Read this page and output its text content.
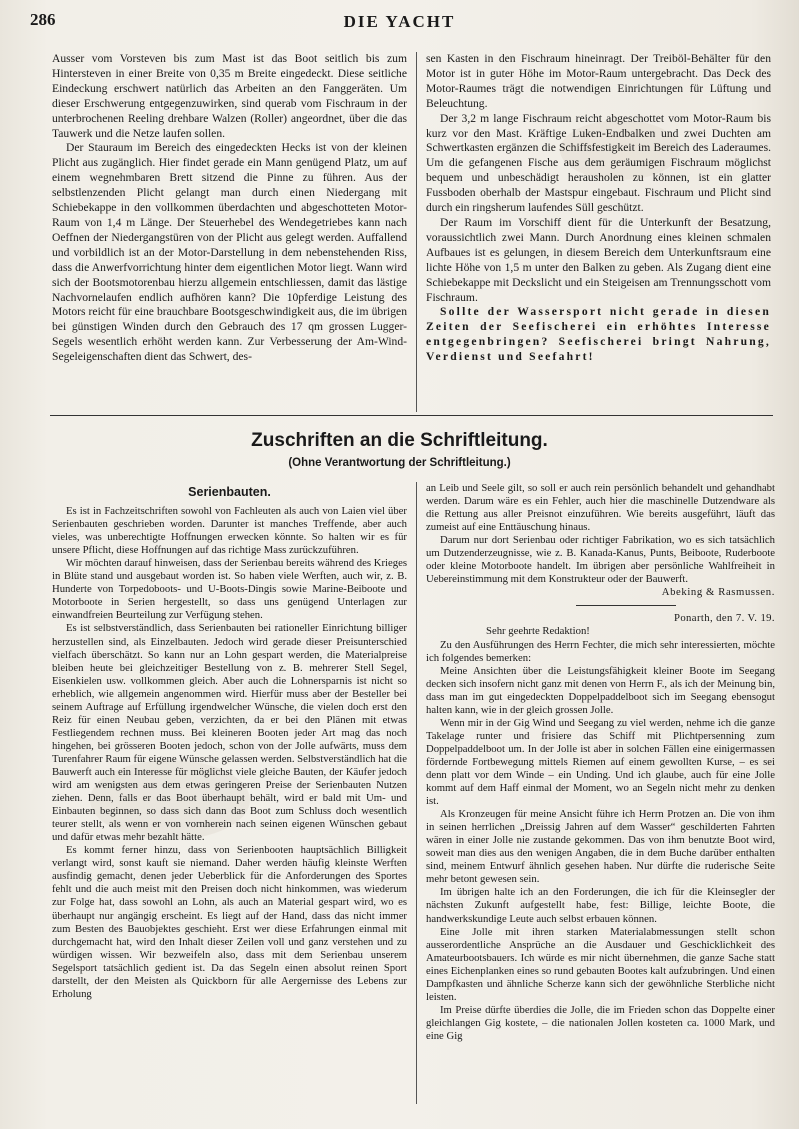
286	DIE YACHT

Ausser vom Vorsteven bis zum Mast ist das Boot seitlich bis zum Hintersteven in einer Breite von 0,35 m Breite eingedeckt. Diese seitliche Eindeckung erschwert natürlich das Arbeiten an den Fanggeräten. Um dieser Erschwerung entgegenzuwirken, sind querab vom Fischraum in der unterbrochenen Reeling drehbare Walzen (Roller) angeordnet, über die das Tauwerk und die Netze laufen sollen.

Der Stauraum im Bereich des eingedeckten Hecks ist von der kleinen Plicht aus zugänglich. Hier findet gerade ein Mann genügend Platz, um auf einem wegnehmbaren Brett sitzend die Pinne zu führen. Aus der selbstlenzenden Plicht gelangt man durch einen Niedergang mit Schiebekappe in den vollkommen überdachten und abgeschotteten Motor-Raum von 1,4 m Länge. Der Steuerhebel des Wendegetriebes kann nach Oeffnen der Niedergangstüren von der Plicht aus gelegt werden. Auffallend und vorbildlich ist an der Motor-Darstellung in dem nebenstehenden Riss, dass die Anwerfvorrichtung hinter dem eigentlichen Motor liegt. Wann wird sich der Bootsmotorenbau hierzu allgemein entschliessen, damit das lästige Nachvornelaufen endlich aufhören kann? Die 10pferdige Leistung des Motors reicht für eine brauchbare Bootsgeschwindigkeit aus, die im übrigen bei günstigen Winden durch den Gebrauch des 17 qm grossen Lugger-Segels wesentlich erhöht werden kann. Zur Verbesserung der Am-Wind-Segeleigenschaften dient das Schwert, des-

sen Kasten in den Fischraum hineinragt. Der Treiböl-Behälter für den Motor ist in guter Höhe im Motor-Raum untergebracht. Das Deck des Motor-Raumes trägt die notwendigen Einrichtungen für Lüftung und Beleuchtung.

Der 3,2 m lange Fischraum reicht abgeschottet vom Motor-Raum bis kurz vor den Mast. Kräftige Luken-Endbalken und zwei Duchten am Schwertkasten ergänzen die Schiffsfestigkeit im Bereich des Laderaumes. Um die gefangenen Fische aus dem geräumigen Fischraum möglichst bequem und unbeschädigt herausholen zu können, ist ein glatter Fussboden oberhalb der Mastspur eingebaut. Fischraum und Plicht sind durch ein ringsherum laufendes Süll geschützt.

Der Raum im Vorschiff dient für die Unterkunft der Besatzung, voraussichtlich zwei Mann. Durch Anordnung eines kleinen schmalen Aufbaues ist es gelungen, in diesem Bereich dem Unterkunftsraum eine lichte Höhe von 1,5 m unter den Balken zu geben. Als Zugang dient eine Schiebekappe mit Deckslicht und ein Steigeisen am Trennungsschott vom Fischraum.

Sollte der Wassersport nicht gerade in diesen Zeiten der Seefischerei ein erhöhtes Interesse entgegenbringen? Seefischerei bringt Nahrung, Verdienst und Seefahrt!

Zuschriften an die Schriftleitung.
(Ohne Verantwortung der Schriftleitung.)
Serienbauten.

Es ist in Fachzeitschriften sowohl von Fachleuten als auch von Laien viel über Serienbauten geschrieben worden. Darunter ist manches Treffende, aber auch vieles, was unberechtigte Hoffnungen erwecken könnte. So halten wir es für unsere Pflicht, diese Hoffnungen auf das richtige Mass zurückzuführen.

Wir möchten darauf hinweisen, dass der Serienbau bereits während des Krieges in Blüte stand und ausgebaut worden ist. So haben viele Werften, auch wir, z. B. Hunderte von Torpedoboots- und U-Boots-Dingis sowie Marine-Beiboote und Motorboote in Serien hergestellt, so dass uns genügend Unterlagen zur einwandfreien Beurteilung zur Verfügung stehen.

Es ist selbstverständlich, dass Serienbauten bei rationeller Einrichtung billiger herzustellen sind, als Einzelbauten. Jedoch wird gerade dieser Preisunterschied vielfach überschätzt. So kann nur an Lohn gespart werden, die Materialpreise bleiben heute bei gleichzeitiger Bestellung von z. B. mehrerer Stell Segel, Eisenkielen usw. vollkommen gleich. Aber auch die Lohnersparnis ist nicht so erheblich, wie allgemein angenommen wird. Hierfür muss aber der Besteller bei seinem Auftrage auf Erfüllung irgendwelcher Wünsche, die vielen doch erst den Reiz für einen Neubau geben, verzichten, da er bei den Plänen mit etwas Festliegendem rechnen muss. Bei kleineren Booten jeder Art mag das noch hingehen, bei grösseren Booten jedoch, schon von der Jolle aufwärts, muss dem Turenfahrer Raum für eigene Wünsche gelassen werden. Selbstverständlich hat die Bauwerft auch ein Interesse für möglichst viele gleiche Bauten, der Käufer jedoch wird am wenigsten aus dem etwas geringeren Preise der Serienbauten Nutzen ziehen. Denn, falls er das Boot überhaupt behält, wird er bald mit Um- und Einbauten beginnen, so dass sich dann das Boot zum Schluss doch wesentlich teurer stellt, als wenn er von vornherein nach seinen eigenen Wünschen gebaut und dafür etwas mehr bezahlt hätte.

Es kommt ferner hinzu, dass von Serienbooten hauptsächlich Billigkeit verlangt wird, sonst kauft sie niemand. Daher werden häufig kleinste Werften ausfindig gemacht, denen jeder Ueberblick für die Anforderungen des Sportes fehlt und die auch meist mit den Preisen doch nicht hinkommen, was wiederum zur Folge hat, dass sowohl an Lohn, als auch an Material gespart wird, wo es überhaupt nur angängig erscheint. Es liegt auf der Hand, dass das nicht immer zum Besten des Bauobjektes geschieht. Erst wer diese Erfahrungen einmal mit durchgemacht hat, wird den Inhalt dieser Zeilen voll und ganz verstehen und zu würdigen wissen. Wir bezweifeln also, dass mit dem Serienbau unserem Segelsport tatsächlich gedient ist. Da das Segeln einen absolut reinen Sport darstellt, der den Meisten als Quickborn für alle Aergernisse des Lebens zur Erholung

an Leib und Seele gilt, so soll er auch rein persönlich behandelt und gehandhabt werden. Darum wäre es ein Fehler, auch hier die maschinelle Dutzendware als die Rettung aus aller Preisnot einzuführen. Wie bereits ausgeführt, läuft das zumeist auf eine Enttäuschung hinaus.

Darum nur dort Serienbau oder richtiger Fabrikation, wo es sich tatsächlich um Dutzenderzeugnisse, wie z. B. Kanada-Kanus, Punts, Beiboote, Ruderboote oder kleine Motorboote handelt. Im übrigen aber persönliche Wahlfreiheit in Uebereinstimmung mit dem Konstrukteur oder der Bauwerft.

Abeking & Rasmussen.
Ponarth, den 7. V. 19.

Sehr geehrte Redaktion!

Zu den Ausführungen des Herrn Fechter, die mich sehr interessierten, möchte ich folgendes bemerken:

Meine Ansichten über die Leistungsfähigkeit kleiner Boote im Seegang decken sich insofern nicht ganz mit denen von Herrn F., als ich der Meinung bin, dass man im gut eingedeckten Doppelpaddelboot sich im Seegang ebensogut halten kann, wie in der gleich grossen Jolle.

Wenn mir in der Gig Wind und Seegang zu viel werden, nehme ich die ganze Takelage runter und frisiere das Schiff mit Plichtpersenning zum Doppelpaddelboot um. In der Jolle ist aber in solchen Fällen eine einigermassen fördernde Fortbewegung mittels Riemen auf einem gewollten Kurse, – es sei denn platt vor dem Winde – ein Unding. Und ich glaube, auch für eine Jolle kommt auf dem Haff einmal der Moment, wo an Segeln nicht mehr zu denken ist.

Als Kronzeugen für meine Ansicht führe ich Herrn Protzen an. Die von ihm in seinen herrlichen „Dreissig Jahren auf dem Wasser“ geschilderten Fahrten wären in einer Jolle nie zustande gekommen. Das von ihm benutzte Boot wird, soweit man dies aus den wenigen Angaben, die in dem Buche darüber enthalten sind, meinem Entwurf ähnlich gesehen haben. Nur dürfte die ruderische Seite mehr betont gewesen sein.

Im übrigen halte ich an den Forderungen, die ich für die Kleinsegler der nächsten Zukunft aufgestellt habe, fest: Billige, leichte Boote, die handwerkskundige Leute auch selbst erbauen können.

Eine Jolle mit ihren starken Materialabmessungen stellt schon ausserordentliche Ansprüche an die Ausdauer und Geschicklichkeit des Amateurbootsbauers. Ich würde es mir nicht übernehmen, die ganze Sache statt eines Eichenplanken eines so rund gebauten Bootes kalt aufzubringen. Und einen Dampfkasten und ähnliche Scherze kann sich der gewöhnliche Sterbliche nicht leisten.

Im Preise dürfte überdies die Jolle, die im Frieden schon das Doppelte einer gleichlangen Gig kostete, – die nationalen Jollen kosteten ca. 1000 Mark, und eine Gig
